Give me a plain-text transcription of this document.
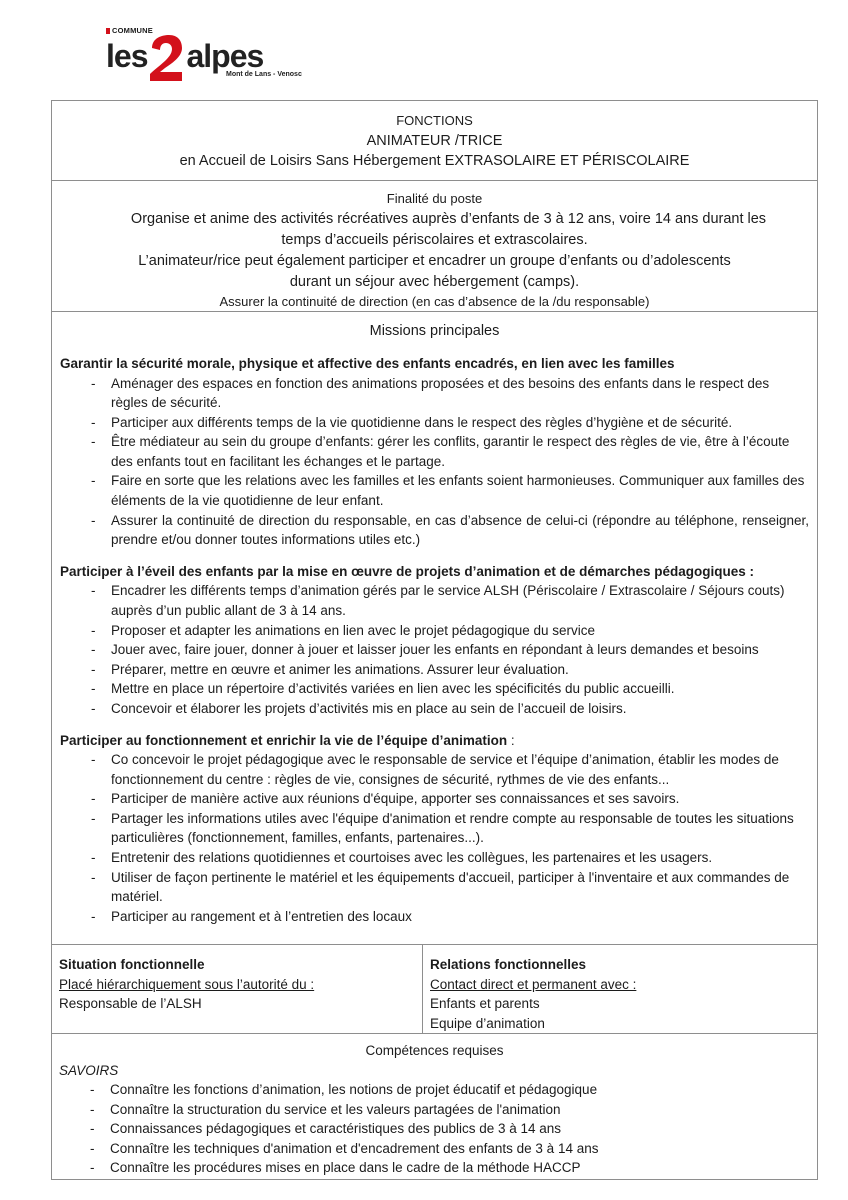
COMMUNE
les alpes
Mont de Lans - Venosc
FONCTIONS
ANIMATEUR /TRICE
en Accueil de Loisirs Sans Hébergement EXTRASOLAIRE ET PÉRISCOLAIRE
Finalité du poste
Organise et anime des activités récréatives auprès d’enfants de 3 à 12 ans, voire 14 ans durant les
temps d’accueils périscolaires et extrascolaires.
L’animateur/rice peut également participer et encadrer un groupe d’enfants ou d’adolescents
durant un séjour avec hébergement (camps).
Assurer la continuité de direction (en cas d’absence de la /du responsable)
Missions principales
Garantir la sécurité morale, physique et affective des enfants encadrés, en lien avec les familles
- Aménager des espaces en fonction des animations proposées et des besoins des enfants dans le respect des règles de sécurité.
- Participer aux différents temps de la vie quotidienne dans le respect des règles d’hygiène et de sécurité.
- Être médiateur au sein du groupe d’enfants: gérer les conflits, garantir le respect des règles de vie, être à l’écoute des enfants tout en facilitant les échanges et le partage.
- Faire en sorte que les relations avec les familles et les enfants soient harmonieuses. Communiquer aux familles des éléments de la vie quotidienne de leur enfant.
- Assurer la continuité de direction du responsable, en cas d’absence de celui-ci (répondre au téléphone, renseigner, prendre et/ou donner toutes informations utiles etc.)
Participer à l’éveil des enfants par la mise en œuvre de projets d’animation et de démarches pédagogiques :
- Encadrer les différents temps d’animation gérés par le service ALSH (Périscolaire / Extrascolaire / Séjours couts) auprès d’un public allant de 3 à 14 ans.
- Proposer et adapter les animations en lien avec le projet pédagogique du service
- Jouer avec, faire jouer, donner à jouer et laisser jouer les enfants en répondant à leurs demandes et besoins
- Préparer, mettre en œuvre et animer les animations. Assurer leur évaluation.
- Mettre en place un répertoire d’activités variées en lien avec les spécificités du public accueilli.
- Concevoir et élaborer les projets d’activités mis en place au sein de l’accueil de loisirs.
Participer au fonctionnement et enrichir la vie de l’équipe d’animation :
- Co concevoir le projet pédagogique avec le responsable de service et l’équipe d’animation, établir les modes de fonctionnement du centre : règles de vie, consignes de sécurité, rythmes de vie des enfants...
- Participer de manière active aux réunions d'équipe, apporter ses connaissances et ses savoirs.
- Partager les informations utiles avec l'équipe d'animation et rendre compte au responsable de toutes les situations particulières (fonctionnement, familles, enfants, partenaires...).
- Entretenir des relations quotidiennes et courtoises avec les collègues, les partenaires et les usagers.
- Utiliser de façon pertinente le matériel et les équipements d'accueil, participer à l'inventaire et aux commandes de matériel.
- Participer au rangement et à l’entretien des locaux
Situation fonctionnelle
Placé hiérarchiquement sous l’autorité du :
Responsable de l’ALSH
Relations fonctionnelles
Contact direct et permanent avec :
Enfants et parents
Equipe d’animation
Compétences requises
SAVOIRS
- Connaître les fonctions d’animation, les notions de projet éducatif et pédagogique
- Connaître la structuration du service et les valeurs partagées de l'animation
- Connaissances pédagogiques et caractéristiques des publics de 3 à 14 ans
- Connaître les techniques d'animation et d'encadrement des enfants de 3 à 14 ans
- Connaître les procédures mises en place dans le cadre de la méthode HACCP
